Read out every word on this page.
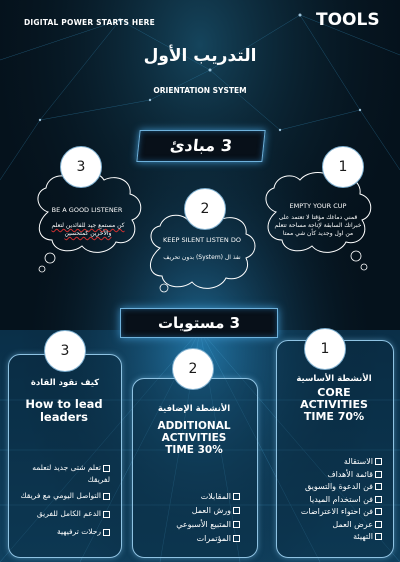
DIGITAL POWER STARTS HERE	TOOLS
التدريب الأول
ORIENTATION SYSTEM
3 مبادئ
3
BE A GOOD LISTENER
كن مستمع جيد للفائدين لتعلم والأخرين كمتحسين
2
KEEP SILENT LISTEN DO
نفذ ال (System) بدون تحريف
1
EMPTY YOUR CUP
قمني دماغك مؤقتا لا تعتمد على خبراتك السابقة لإتاحة مساحة تتعلم من اول وجديد كأن شي ممتا
3 مستويات
3
2
1
كيف تقود القادة
How to lead
leaders
تعلم شتى جديد لتعلمه لفريقك
التواصل اليومي مع فريقك
الدعم الكامل للفريق
رحلات ترفيهية
الأنشطة الإضافية
ADDITIONAL
ACTIVITIES
TIME 30%
المقابلات
ورش العمل
المتبيع الأسبوعي
المؤتمرات
الأنشطة الأساسية
CORE
ACTIVITIES
TIME 70%
الاستقالة
قائمة الأهداف
فن الدعوة والتسويق
فن استخدام الميديا
فن احتواء الاعتراضات
عرض العمل
التهيئة
